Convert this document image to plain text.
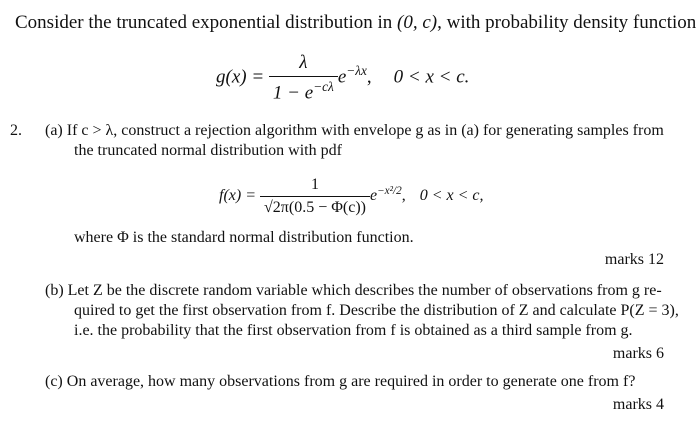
Consider the truncated exponential distribution in (0, c), with probability density function
$g(x) = \frac{\lambda}{1 - e^{-c\lambda}} e^{-\lambda x}$, 0 < x < c.
2. (a) If c > λ, construct a rejection algorithm with envelope g as in (a) for generating samples from
the truncated normal distribution with pdf
$f(x) = \frac{1}{√2\pi(0.5 - \Phi(c))} e^{-x^2/2}$, 0 < x < c,
where Φ is the standard normal distribution function.
marks 12
(b) Let Z be the discrete random variable which describes the number of observations from g re-
quired to get the first observation from f. Describe the distribution of Z and calculate P(Z = 3),
i.e. the probability that the first observation from f is obtained as a third sample from g.
marks 6
(c) On average, how many observations from g are required in order to generate one from f?
marks 4
